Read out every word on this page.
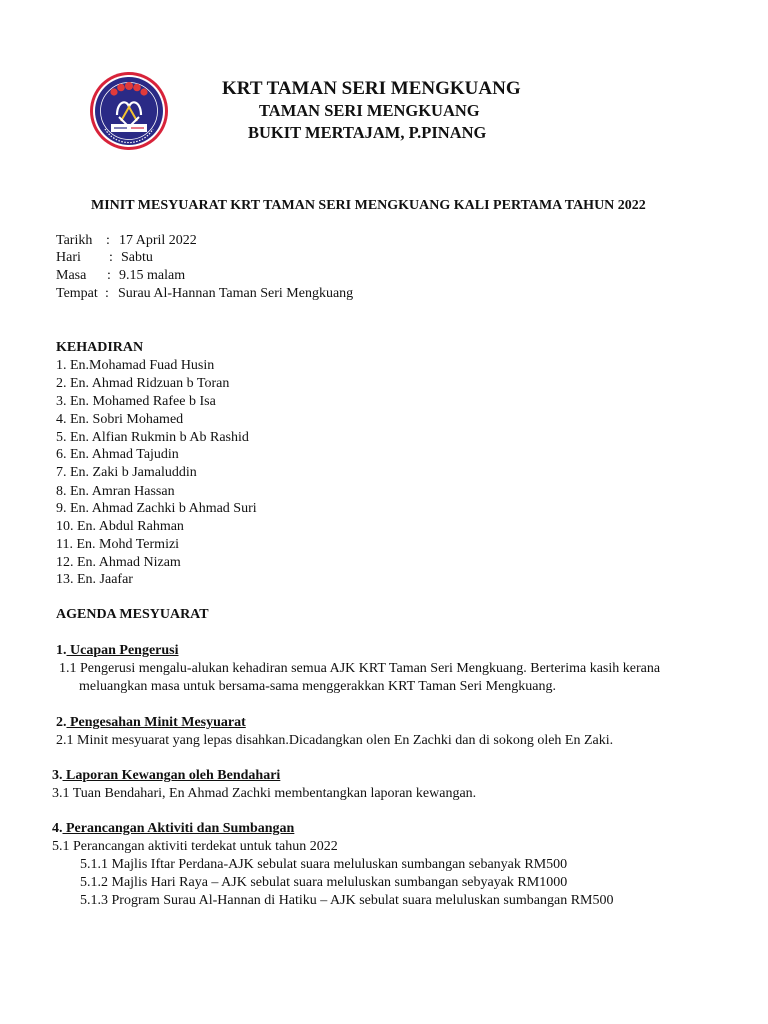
KRT TAMAN SERI MENGKUANG
TAMAN SERI MENGKUANG
BUKIT MERTAJAM, P.PINANG
MINIT MESYUARAT KRT TAMAN SERI MENGKUANG KALI PERTAMA TAHUN 2022
Tarikh : 17 April 2022
Hari : Sabtu
Masa : 9.15 malam
Tempat : Surau Al-Hannan Taman Seri Mengkuang
KEHADIRAN
1. En.Mohamad Fuad Husin
2. En. Ahmad Ridzuan b Toran
3. En. Mohamed Rafee b Isa
4. En. Sobri Mohamed
5. En. Alfian Rukmin b Ab Rashid
6. En. Ahmad Tajudin
7. En. Zaki b Jamaluddin
8. En. Amran Hassan
9. En. Ahmad Zachki b Ahmad Suri
10. En. Abdul Rahman
11. En. Mohd Termizi
12. En. Ahmad Nizam
13. En. Jaafar
AGENDA MESYUARAT
1. Ucapan Pengerusi
1.1 Pengerusi mengalu-alukan kehadiran semua AJK KRT Taman Seri Mengkuang. Berterima kasih kerana
meluangkan masa untuk bersama-sama menggerakkan KRT Taman Seri Mengkuang.
2. Pengesahan Minit Mesyuarat
2.1 Minit mesyuarat yang lepas disahkan.Dicadangkan olen En Zachki dan di sokong oleh En Zaki.
3. Laporan Kewangan oleh Bendahari
3.1 Tuan Bendahari, En Ahmad Zachki membentangkan laporan kewangan.
4. Perancangan Aktiviti dan Sumbangan
5.1 Perancangan aktiviti terdekat untuk tahun 2022
5.1.1 Majlis Iftar Perdana-AJK sebulat suara meluluskan sumbangan sebanyak RM500
5.1.2 Majlis Hari Raya – AJK sebulat suara meluluskan sumbangan sebyayak RM1000
5.1.3 Program Surau Al-Hannan di Hatiku – AJK sebulat suara meluluskan sumbangan RM500
